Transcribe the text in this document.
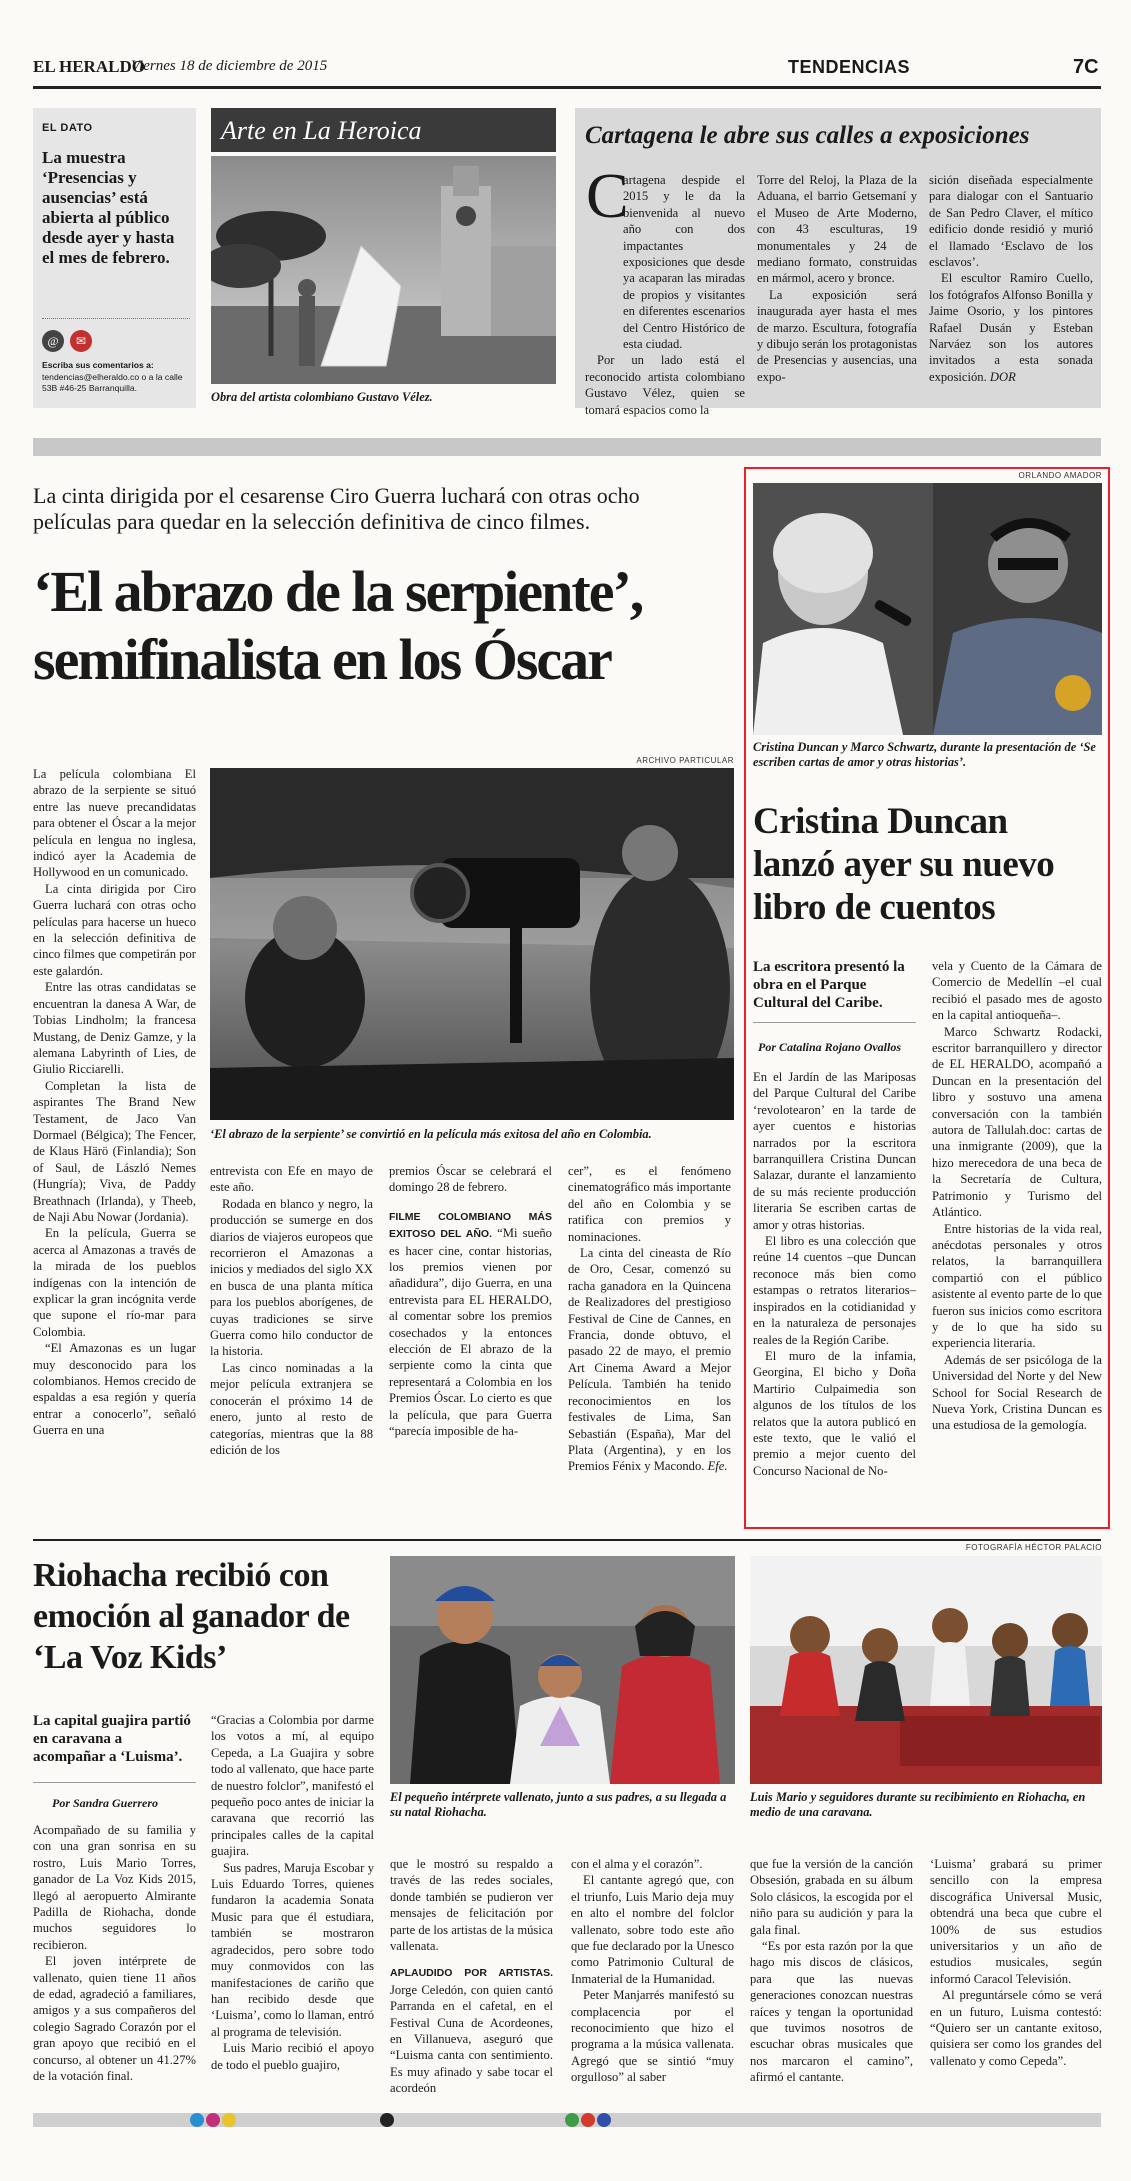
EL HERALDO
Viernes 18 de diciembre de 2015	TENDENCIAS	7C
EL DATO
La muestra ‘Presencias y ausencias’ está abierta al público desde ayer y hasta el mes de febrero.
@	✉
Escriba sus comentarios a:
tendencias@elheraldo.co o a la calle 53B #46-25 Barranquilla.
Arte en La Heroica
Obra del artista colombiano Gustavo Vélez.
Cartagena le abre sus calles a exposiciones
C

artagena despide el 2015 y le da la bienvenida al nuevo año con dos impactantes exposiciones que desde ya acaparan las miradas de propios y visitantes en diferentes escenarios del Centro Histórico de esta ciudad.

Por un lado está el reconocido artista colombiano Gustavo Vélez, quien se tomará espacios como la

Torre del Reloj, la Plaza de la Aduana, el barrio Getsemaní y el Museo de Arte Moderno, con 43 esculturas, 19 monumentales y 24 de mediano formato, construidas en mármol, acero y bronce.

La exposición será inaugurada ayer hasta el mes de marzo. Escultura, fotografía y dibujo serán los protagonistas de Presencias y ausencias, una expo-

sición diseñada especialmente para dialogar con el Santuario de San Pedro Claver, el mítico edificio donde residió y murió el llamado ‘Esclavo de los esclavos’.

El escultor Ramiro Cuello, los fotógrafos Alfonso Bonilla y Jaime Osorio, y los pintores Rafael Dusán y Esteban Narváez son los autores invitados a esta sonada exposición. DOR

La cinta dirigida por el cesarense Ciro Guerra luchará con otras ocho películas para quedar en la selección definitiva de cinco filmes.
‘El abrazo de la serpiente’,
semifinalista en los Óscar

La película colombiana El abrazo de la serpiente se situó entre las nueve precandidatas para obtener el Óscar a la mejor película en lengua no inglesa, indicó ayer la Academia de Hollywood en un comunicado.

La cinta dirigida por Ciro Guerra luchará con otras ocho películas para hacerse un hueco en la selección definitiva de cinco filmes que competirán por este galardón.

Entre las otras candidatas se encuentran la danesa A War, de Tobias Lindholm; la francesa Mustang, de Deniz Gamze, y la alemana Labyrinth of Lies, de Giulio Ricciarelli.

Completan la lista de aspirantes The Brand New Testament, de Jaco Van Dormael (Bélgica); The Fencer, de Klaus Härö (Finlandia); Son of Saul, de László Nemes (Hungría); Viva, de Paddy Breathnach (Irlanda), y Theeb, de Naji Abu Nowar (Jordania).

En la película, Guerra se acerca al Amazonas a través de la mirada de los pueblos indígenas con la intención de explicar la gran incógnita verde que supone el río-mar para Colombia.

“El Amazonas es un lugar muy desconocido para los colombianos. Hemos crecido de espaldas a esa región y quería entrar a conocerlo”, señaló Guerra en una

ARCHIVO PARTICULAR
‘El abrazo de la serpiente’ se convirtió en la película más exitosa del año en Colombia.

entrevista con Efe en mayo de este año.

Rodada en blanco y negro, la producción se sumerge en dos diarios de viajeros europeos que recorrieron el Amazonas a inicios y mediados del siglo XX en busca de una planta mítica para los pueblos aborígenes, de cuyas tradiciones se sirve Guerra como hilo conductor de la historia.

Las cinco nominadas a la mejor película extranjera se conocerán el próximo 14 de enero, junto al resto de categorías, mientras que la 88 edición de los

premios Óscar se celebrará el domingo 28 de febrero.

FILME COLOMBIANO MÁS EXITOSO DEL AÑO. “Mi sueño es hacer cine, contar historias, los premios vienen por añadidura”, dijo Guerra, en una entrevista para EL HERALDO, al comentar sobre los premios cosechados y la entonces elección de El abrazo de la serpiente como la cinta que representará a Colombia en los Premios Óscar. Lo cierto es que la película, que para Guerra “parecía imposible de ha-

cer”, es el fenómeno cinematográfico más importante del año en Colombia y se ratifica con premios y nominaciones.

La cinta del cineasta de Río de Oro, Cesar, comenzó su racha ganadora en la Quincena de Realizadores del prestigioso Festival de Cine de Cannes, en Francia, donde obtuvo, el pasado 22 de mayo, el premio Art Cinema Award a Mejor Película. También ha tenido reconocimientos en los festivales de Lima, San Sebastián (España), Mar del Plata (Argentina), y en los Premios Fénix y Macondo. Efe.

ORLANDO AMADOR
Cristina Duncan y Marco Schwartz, durante la presentación de ‘Se escriben cartas de amor y otras historias’.
Cristina Duncan lanzó ayer su nuevo libro de cuentos
La escritora presentó la obra en el Parque Cultural del Caribe.
Por Catalina Rojano Ovallos

En el Jardín de las Mariposas del Parque Cultural del Caribe ‘revolotearon’ en la tarde de ayer cuentos e historias narrados por la escritora barranquillera Cristina Duncan Salazar, durante el lanzamiento de su más reciente producción literaria Se escriben cartas de amor y otras historias.

El libro es una colección que reúne 14 cuentos –que Duncan reconoce más bien como estampas o retratos literarios– inspirados en la cotidianidad y en la naturaleza de personajes reales de la Región Caribe.

El muro de la infamia, Georgina, El bicho y Doña Martirio Culpaimedia son algunos de los títulos de los relatos que la autora publicó en este texto, que le valió el premio a mejor cuento del Concurso Nacional de No-

vela y Cuento de la Cámara de Comercio de Medellín –el cual recibió el pasado mes de agosto en la capital antioqueña–.

Marco Schwartz Rodacki, escritor barranquillero y director de EL HERALDO, acompañó a Duncan en la presentación del libro y sostuvo una amena conversación con la también autora de Tallulah.doc: cartas de una inmigrante (2009), que la hizo merecedora de una beca de la Secretaría de Cultura, Patrimonio y Turismo del Atlántico.

Entre historias de la vida real, anécdotas personales y otros relatos, la barranquillera compartió con el público asistente al evento parte de lo que fueron sus inicios como escritora y de lo que ha sido su experiencia literaria.

Además de ser psicóloga de la Universidad del Norte y del New School for Social Research de Nueva York, Cristina Duncan es una estudiosa de la gemología.

Riohacha recibió con emoción al ganador de ‘La Voz Kids’
La capital guajira partió en caravana a acompañar a ‘Luisma’.
Por Sandra Guerrero

Acompañado de su familia y con una gran sonrisa en su rostro, Luis Mario Torres, ganador de La Voz Kids 2015, llegó al aeropuerto Almirante Padilla de Riohacha, donde muchos seguidores lo recibieron.

El joven intérprete de vallenato, quien tiene 11 años de edad, agradeció a familiares, amigos y a sus compañeros del colegio Sagrado Corazón por el gran apoyo que recibió en el concurso, al obtener un 41.27% de la votación final.

“Gracias a Colombia por darme los votos a mí, al equipo Cepeda, a La Guajira y sobre todo al vallenato, que hace parte de nuestro folclor”, manifestó el pequeño poco antes de iniciar la caravana que recorrió las principales calles de la capital guajira.

Sus padres, Maruja Escobar y Luis Eduardo Torres, quienes fundaron la academia Sonata Music para que él estudiara, también se mostraron agradecidos, pero sobre todo muy conmovidos con las manifestaciones de cariño que han recibido desde que ‘Luisma’, como lo llaman, entró al programa de televisión.

Luis Mario recibió el apoyo de todo el pueblo guajiro,

FOTOGRAFÍA HÉCTOR PALACIO
El pequeño intérprete vallenato, junto a sus padres, a su llegada a su natal Riohacha.
Luis Mario y seguidores durante su recibimiento en Riohacha, en medio de una caravana.

que le mostró su respaldo a través de las redes sociales, donde también se pudieron ver mensajes de felicitación por parte de los artistas de la música vallenata.

APLAUDIDO POR ARTISTAS. Jorge Celedón, con quien cantó Parranda en el cafetal, en el Festival Cuna de Acordeones, en Villanueva, aseguró que “Luisma canta con sentimiento. Es muy afinado y sabe tocar el acordeón

con el alma y el corazón”.

El cantante agregó que, con el triunfo, Luis Mario deja muy en alto el nombre del folclor vallenato, sobre todo este año que fue declarado por la Unesco como Patrimonio Cultural de Inmaterial de la Humanidad.

Peter Manjarrés manifestó su complacencia por el reconocimiento que hizo el programa a la música vallenata. Agregó que se sintió “muy orgulloso” al saber

que fue la versión de la canción Obsesión, grabada en su álbum Solo clásicos, la escogida por el niño para su audición y para la gala final.

“Es por esta razón por la que hago mis discos de clásicos, para que las nuevas generaciones conozcan nuestras raíces y tengan la oportunidad que tuvimos nosotros de escuchar obras musicales que nos marcaron el camino”, afirmó el cantante.

‘Luisma’ grabará su primer sencillo con la empresa discográfica Universal Music, obtendrá una beca que cubre el 100% de sus estudios universitarios y un año de estudios musicales, según informó Caracol Televisión.

Al preguntársele cómo se verá en un futuro, Luisma contestó: “Quiero ser un cantante exitoso, quisiera ser como los grandes del vallenato y como Cepeda”.
